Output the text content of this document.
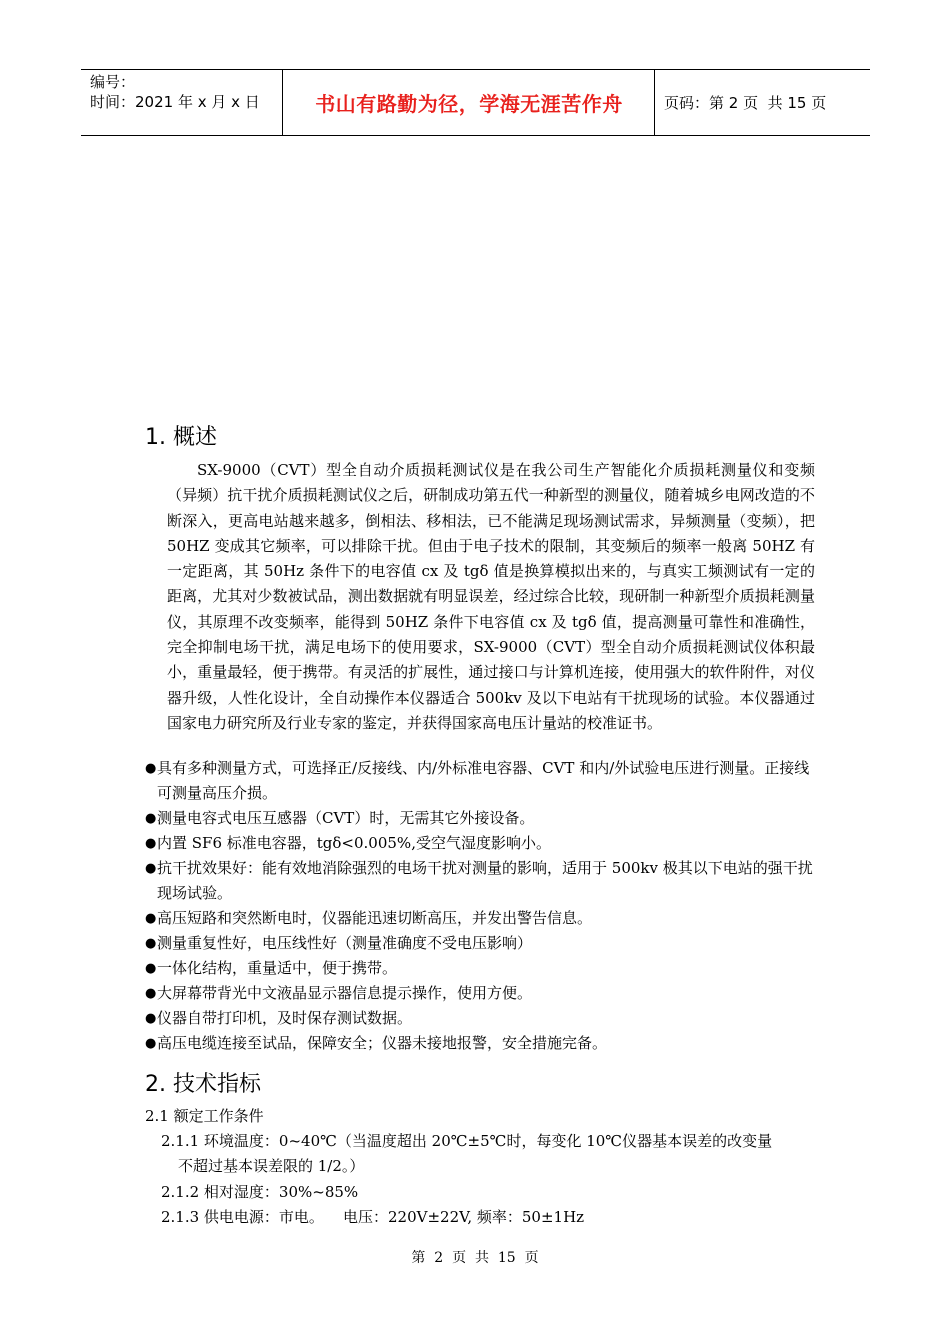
编号：
时间：2021 年 x 月 x 日	书山有路勤为径，学海无涯苦作舟	页码：第 2 页  共 15 页
1. 概述

SX-9000（CVT）型全自动介质损耗测试仪是在我公司生产智能化介质损耗测量仪和变频（异频）抗干扰介质损耗测试仪之后，研制成功第五代一种新型的测量仪，随着城乡电网改造的不断深入，更高电站越来越多，倒相法、移相法，已不能满足现场测试需求，异频测量（变频），把 50HZ 变成其它频率，可以排除干扰。但由于电子技术的限制，其变频后的频率一般离 50HZ 有一定距离，其 50Hz 条件下的电容值 cx 及 tgδ 值是换算模拟出来的，与真实工频测试有一定的距离，尤其对少数被试品，测出数据就有明显误差，经过综合比较，现研制一种新型介质损耗测量仪，其原理不改变频率，能得到 50HZ 条件下电容值 cx 及 tgδ 值，提高测量可靠性和准确性，完全抑制电场干扰，满足电场下的使用要求，SX-9000（CVT）型全自动介质损耗测试仪体积最小，重量最轻，便于携带。有灵活的扩展性，通过接口与计算机连接，使用强大的软件附件，对仪器升级，人性化设计，全自动操作本仪器适合 500kv 及以下电站有干扰现场的试验。本仪器通过国家电力研究所及行业专家的鉴定，并获得国家高电压计量站的校准证书。

● 具有多种测量方式，可选择正/反接线、内/外标准电容器、CVT 和内/外试验电压进行测量。正接线可测量高压介损。
● 测量电容式电压互感器（CVT）时，无需其它外接设备。
● 内置 SF6 标准电容器，tgδ<0.005%,受空气湿度影响小。
● 抗干扰效果好：能有效地消除强烈的电场干扰对测量的影响，适用于 500kv 极其以下电站的强干扰现场试验。
● 高压短路和突然断电时，仪器能迅速切断高压，并发出警告信息。
● 测量重复性好，电压线性好（测量准确度不受电压影响）
● 一体化结构，重量适中，便于携带。
● 大屏幕带背光中文液晶显示器信息提示操作，使用方便。
● 仪器自带打印机，及时保存测试数据。
● 高压电缆连接至试品，保障安全；仪器未接地报警，安全措施完备。
2. 技术指标
2.1 额定工作条件
2.1.1 环境温度：0~40℃（当温度超出 20℃±5℃时，每变化 10℃仪器基本误差的改变量
不超过基本误差限的 1/2。）
2.1.2 相对湿度：30%~85%
2.1.3 供电电源：市电。    电压：220V±22V, 频率：50±1Hz
第  2  页  共  15  页
